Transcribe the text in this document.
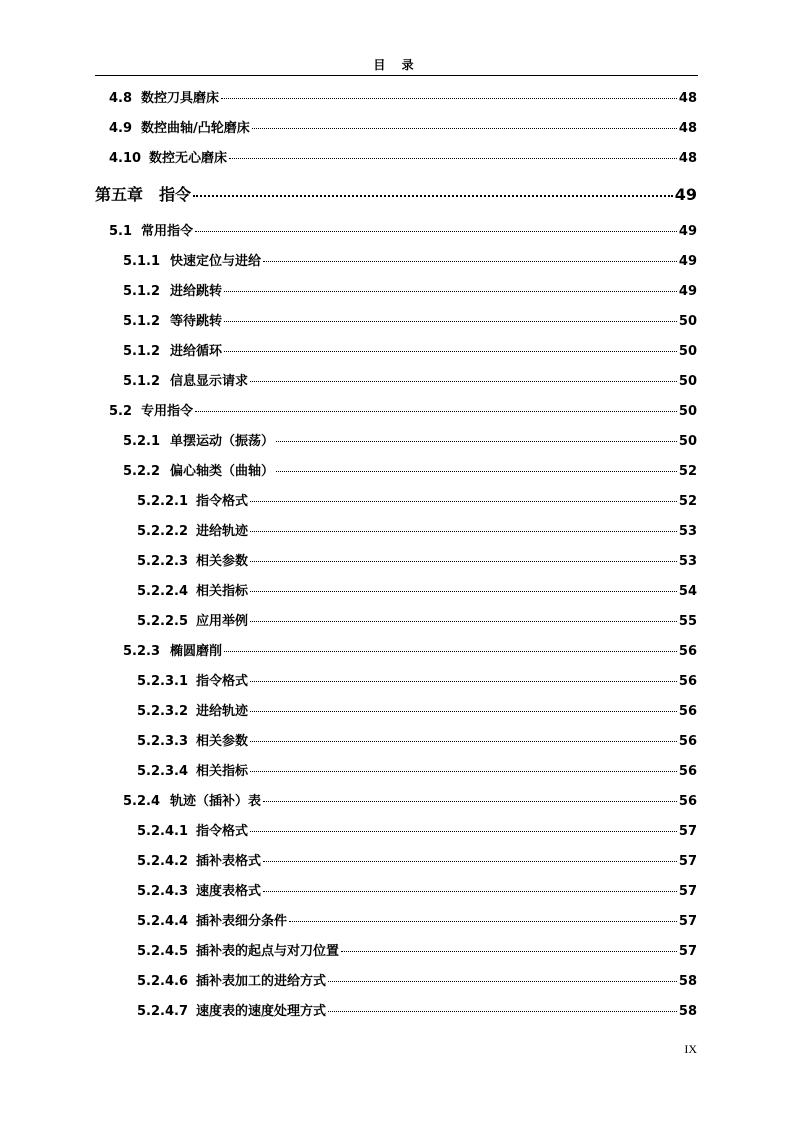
目 录
4.8 数控刀具磨床	48
4.9 数控曲轴/凸轮磨床	48
4.10 数控无心磨床	48
第五章 指令	49
5.1 常用指令	49
5.1.1 快速定位与进给	49
5.1.2 进给跳转	49
5.1.2 等待跳转	50
5.1.2 进给循环	50
5.1.2 信息显示请求	50
5.2 专用指令	50
5.2.1 单摆运动（振荡）	50
5.2.2 偏心轴类（曲轴）	52
5.2.2.1 指令格式	52
5.2.2.2 进给轨迹	53
5.2.2.3 相关参数	53
5.2.2.4 相关指标	54
5.2.2.5 应用举例	55
5.2.3 椭圆磨削	56
5.2.3.1 指令格式	56
5.2.3.2 进给轨迹	56
5.2.3.3 相关参数	56
5.2.3.4 相关指标	56
5.2.4 轨迹（插补）表	56
5.2.4.1 指令格式	57
5.2.4.2 插补表格式	57
5.2.4.3 速度表格式	57
5.2.4.4 插补表细分条件	57
5.2.4.5 插补表的起点与对刀位置	57
5.2.4.6 插补表加工的进给方式	58
5.2.4.7 速度表的速度处理方式	58
IX
